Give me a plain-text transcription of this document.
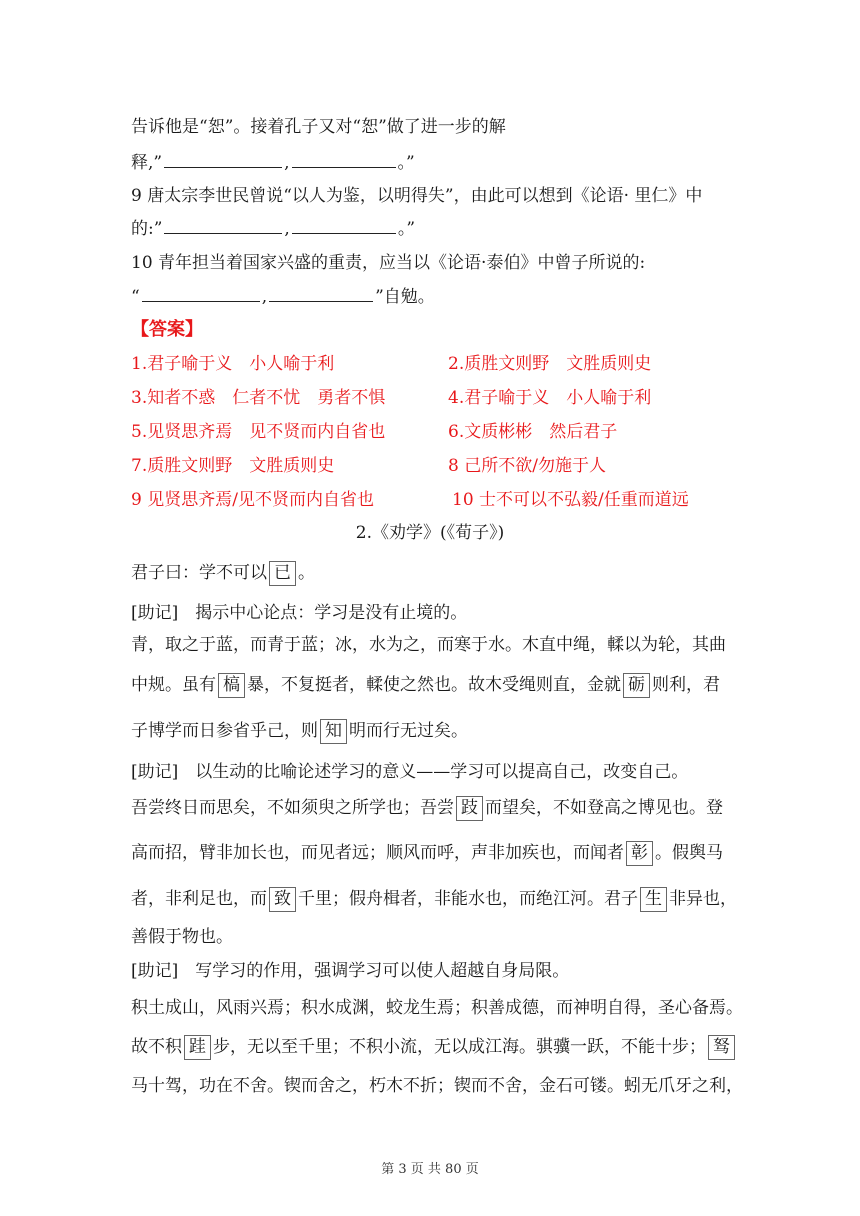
告诉他是“恕”。接着孔子又对“恕”做了进一步的解
释,”	,	。”
9 唐太宗李世民曾说“以人为鉴，以明得失”，由此可以想到《论语· 里仁》中
的:”	,	。”
10 青年担当着国家兴盛的重责，应当以《论语·泰伯》中曾子所说的:
“	,	”自勉。
【答案】
1.君子喻于义　小人喻于利	2.质胜文则野　文胜质则史
3.知者不惑　仁者不忧　勇者不惧	4.君子喻于义　小人喻于利
5.见贤思齐焉　见不贤而内自省也	6.文质彬彬　然后君子
7.质胜文则野　文胜质则史	8 己所不欲/勿施于人
9 见贤思齐焉/见不贤而内自省也	10 士不可以不弘毅/任重而道远
2.《劝学》(《荀子》)
君子曰：学不可以 已 。
[助记]　揭示中心论点：学习是没有止境的。
青，取之于蓝，而青于蓝；冰，水为之，而寒于水。木直中绳，輮以为轮，其曲
中规。虽有 槁 暴，不复挺者，輮使之然也。故木受绳则直，金就 砺 则利，君
子博学而日参省乎己，则 知 明而行无过矣。
[助记]　以生动的比喻论述学习的意义——学习可以提高自己，改变自己。
吾尝终日而思矣，不如须臾之所学也；吾尝 跂 而望矣，不如登高之博见也。登
高而招，臂非加长也，而见者远；顺风而呼，声非加疾也，而闻者 彰 。假舆马
者，非利足也，而 致 千里；假舟楫者，非能水也，而绝江河。君子 生 非异也，
善假于物也。
[助记]　写学习的作用，强调学习可以使人超越自身局限。
积土成山，风雨兴焉；积水成渊，蛟龙生焉；积善成德，而神明自得，圣心备焉。
故不积 跬 步，无以至千里；不积小流，无以成江海。骐骥一跃，不能十步； 驽
马十驾，功在不舍。锲而舍之，朽木不折；锲而不舍，金石可镂。蚓无爪牙之利，
第 3 页 共 80 页
